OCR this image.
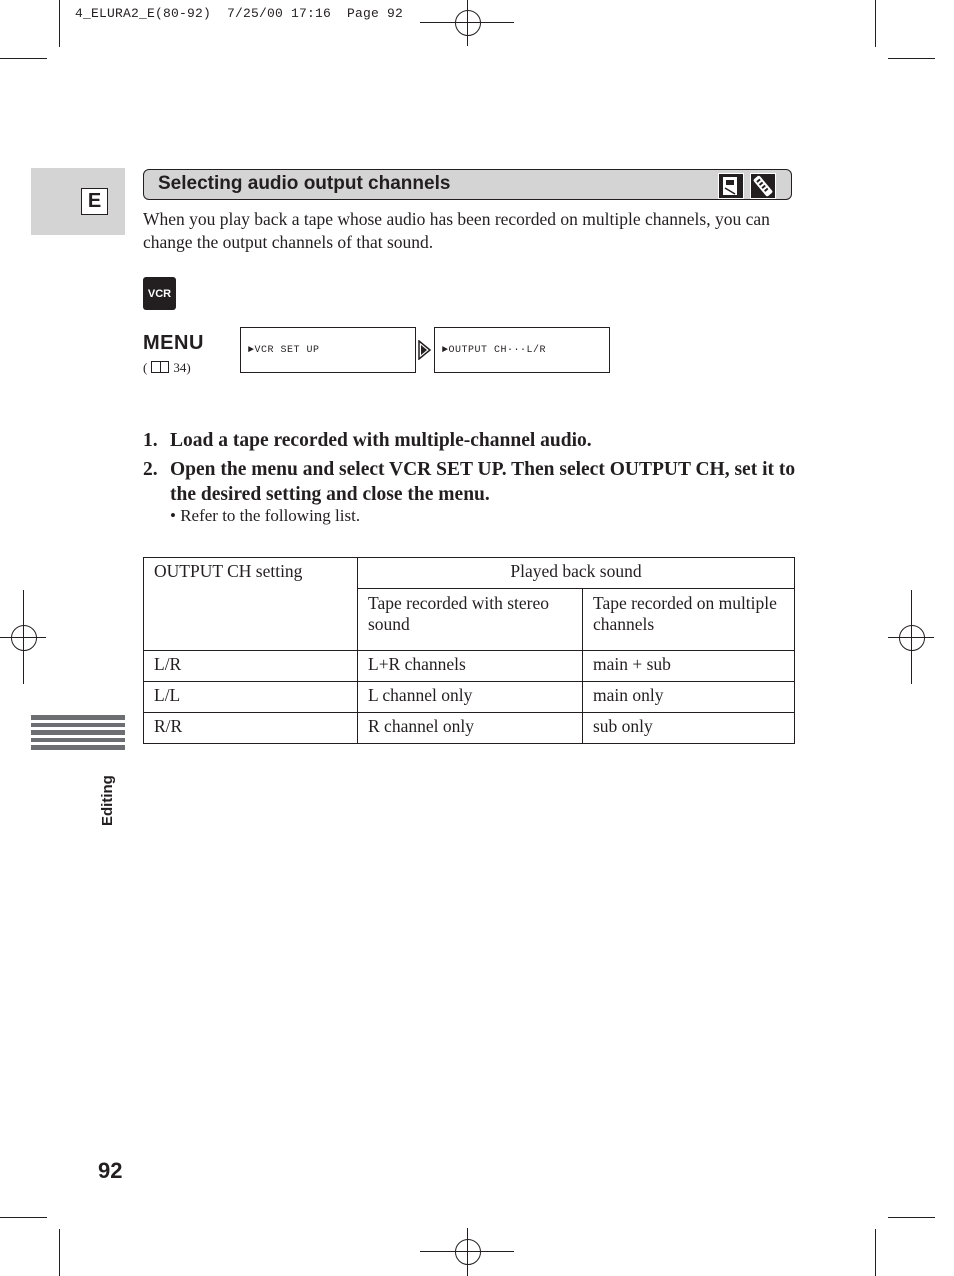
4_ELURA2_E(80-92)  7/25/00 17:16  Page 92
E
Selecting audio output channels

When you play back a tape whose audio has been recorded on multiple channels, you can change the output channels of that sound.

VCR
MENU
( 34)
►VCR SET UP	►OUTPUT CH···L/R
1. Load a tape recorded with multiple-channel audio.
2. Open the menu and select VCR SET UP. Then select OUTPUT CH, set it to the desired setting and close the menu.
• Refer to the following list.
OUTPUT CH setting	Played back sound	
	Tape recorded with stereo sound	Tape recorded on multiple channels
L/R	L+R channels	main + sub
L/L	L channel only	main only
R/R	R channel only	sub only
Editing
92
